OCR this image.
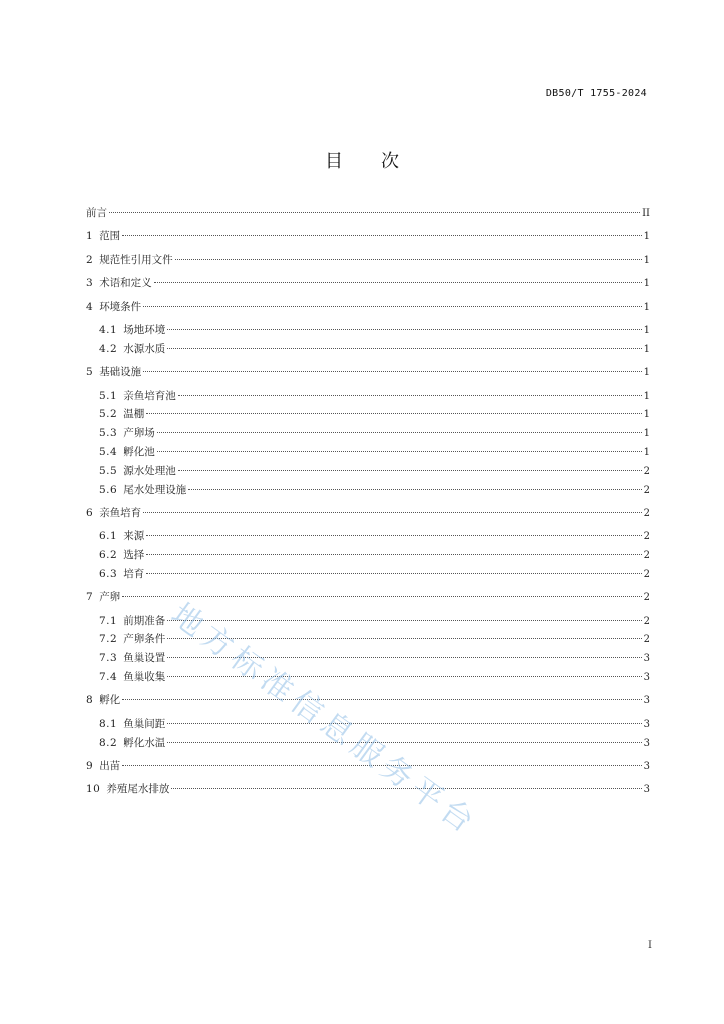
DB50/T 1755-2024
目次
前言	II
1 范围	1
2 规范性引用文件	1
3 术语和定义	1
4 环境条件	1
4.1 场地环境	1
4.2 水源水质	1
5 基础设施	1
5.1 亲鱼培育池	1
5.2 温棚	1
5.3 产卵场	1
5.4 孵化池	1
5.5 源水处理池	2
5.6 尾水处理设施	2
6 亲鱼培育	2
6.1 来源	2
6.2 选择	2
6.3 培育	2
7 产卵	2
7.1 前期准备	2
7.2 产卵条件	2
7.3 鱼巢设置	3
7.4 鱼巢收集	3
8 孵化	3
8.1 鱼巢间距	3
8.2 孵化水温	3
9 出苗	3
10 养殖尾水排放	3
I
地方标准信息服务平台
